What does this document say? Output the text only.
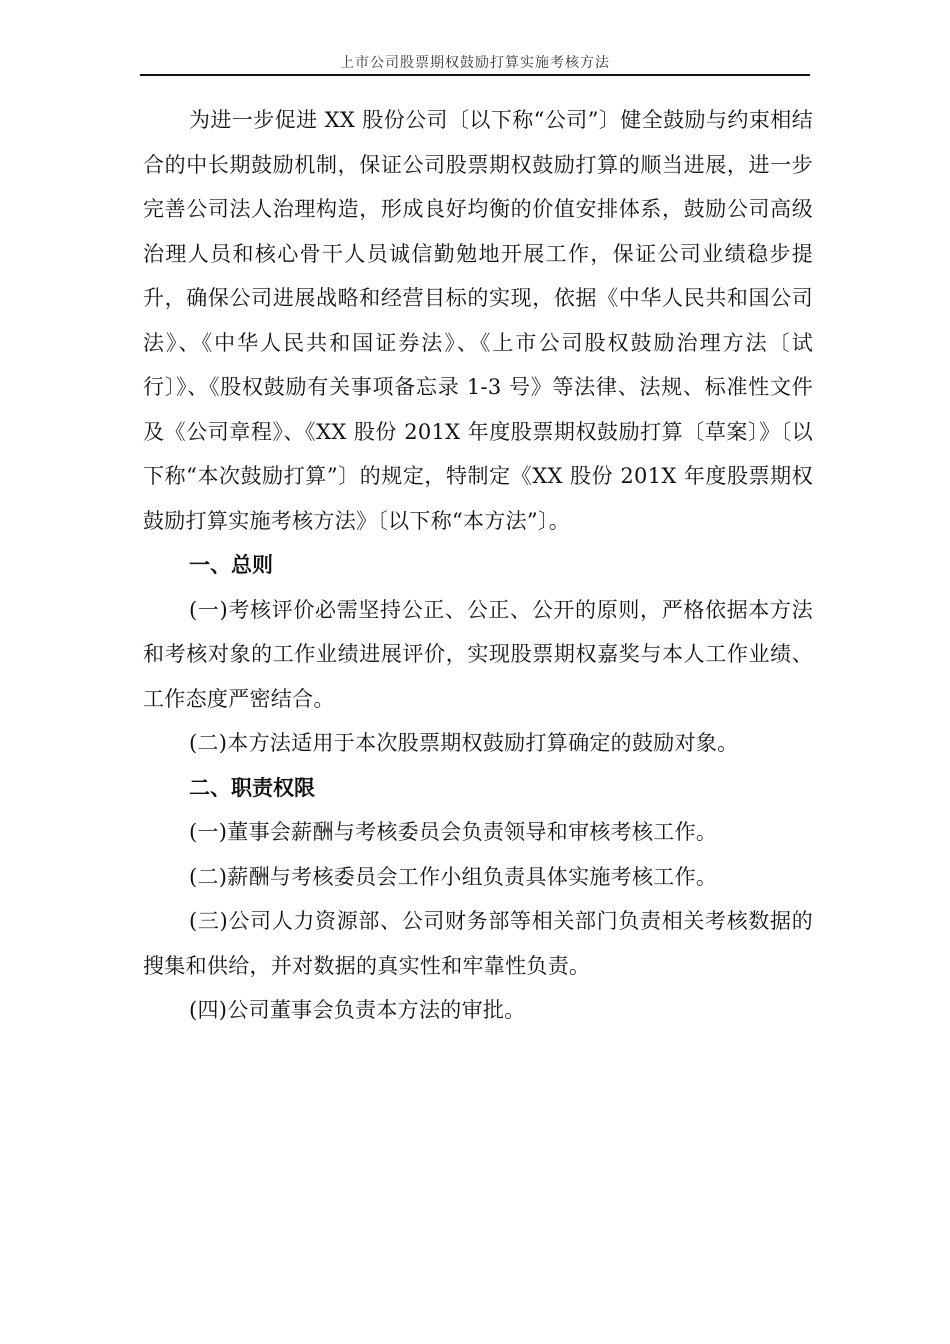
上市公司股票期权鼓励打算实施考核方法

为进一步促进 XX 股份公司〔以下称“公司”〕健全鼓励与约束相结合的中长期鼓励机制，保证公司股票期权鼓励打算的顺当进展，进一步完善公司法人治理构造，形成良好均衡的价值安排体系，鼓励公司高级治理人员和核心骨干人员诚信勤勉地开展工作，保证公司业绩稳步提升，确保公司进展战略和经营目标的实现，依据《中华人民共和国公司法》、《中华人民共和国证券法》、《上市公司股权鼓励治理方法〔试行〕》、《股权鼓励有关事项备忘录 1-3 号》等法律、法规、标准性文件及《公司章程》、《XX 股份 201X 年度股票期权鼓励打算〔草案〕》〔以下称“本次鼓励打算”〕的规定，特制定《XX 股份 201X 年度股票期权鼓励打算实施考核方法》〔以下称“本方法”〕。

一、总则

(一)考核评价必需坚持公正、公正、公开的原则，严格依据本方法和考核对象的工作业绩进展评价，实现股票期权嘉奖与本人工作业绩、工作态度严密结合。

(二)本方法适用于本次股票期权鼓励打算确定的鼓励对象。

二、职责权限

(一)董事会薪酬与考核委员会负责领导和审核考核工作。

(二)薪酬与考核委员会工作小组负责具体实施考核工作。

(三)公司人力资源部、公司财务部等相关部门负责相关考核数据的搜集和供给，并对数据的真实性和牢靠性负责。

(四)公司董事会负责本方法的审批。
